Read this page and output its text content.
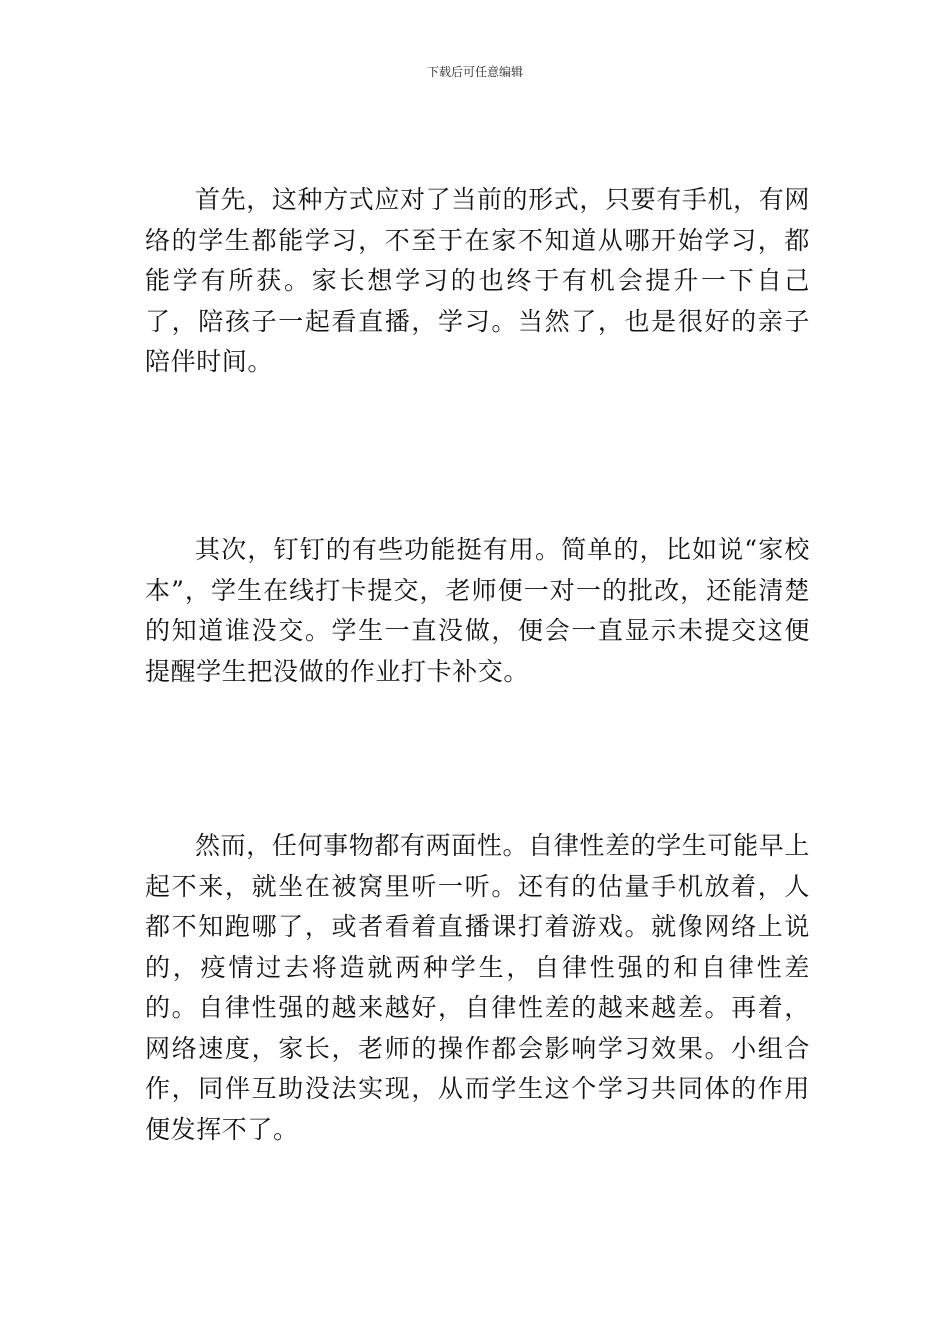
下载后可任意编辑

首先，这种方式应对了当前的形式，只要有手机，有网络的学生都能学习，不至于在家不知道从哪开始学习，都能学有所获。家长想学习的也终于有机会提升一下自己了，陪孩子一起看直播，学习。当然了，也是很好的亲子陪伴时间。

其次，钉钉的有些功能挺有用。简单的，比如说“家校本”，学生在线打卡提交，老师便一对一的批改，还能清楚的知道谁没交。学生一直没做，便会一直显示未提交这便提醒学生把没做的作业打卡补交。

然而，任何事物都有两面性。自律性差的学生可能早上起不来，就坐在被窝里听一听。还有的估量手机放着，人都不知跑哪了，或者看着直播课打着游戏。就像网络上说的，疫情过去将造就两种学生，自律性强的和自律性差的。自律性强的越来越好，自律性差的越来越差。再着，网络速度，家长，老师的操作都会影响学习效果。小组合作，同伴互助没法实现，从而学生这个学习共同体的作用便发挥不了。
